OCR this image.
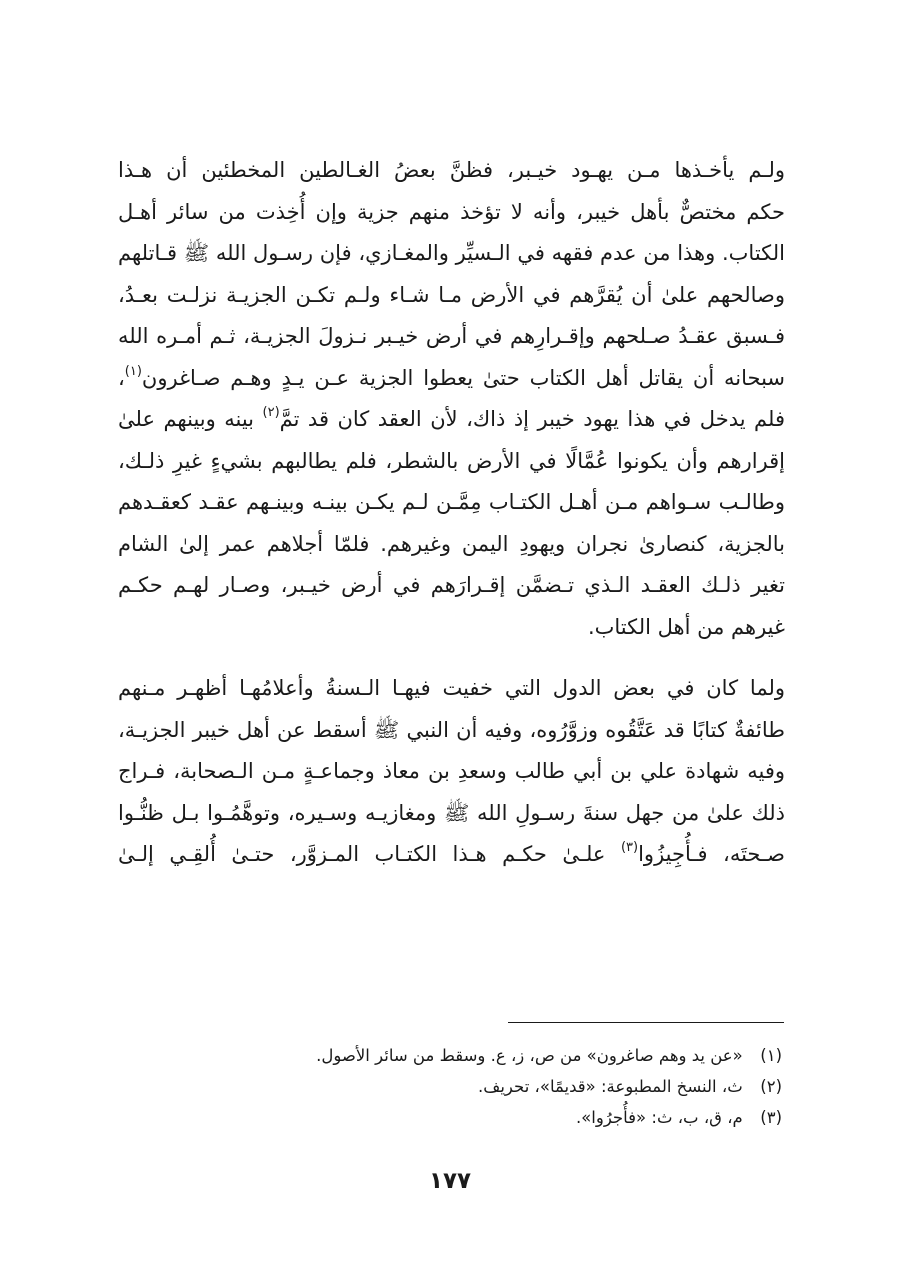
ولـم يأخـذها مـن يهـود خيـبر، فظنَّ بعضُ الغـالطين المخطئين أن هـذا
حكم مختصٌّ بأهل خيبر، وأنه لا تؤخذ منهم جزية وإن أُخِذت من سائر أهـل
الكتاب. وهذا من عدم فقهه في الـسيِّر والمغـازي، فإن رسـول الله ﷺ قـاتلهم
وصالحهم علىٰ أن يُقرَّهم في الأرض مـا شـاء ولـم تكـن الجزيـة نزلـت بعـدُ،
فـسبق عقـدُ صـلحهم وإقـرارِهم في أرض خيـبر نـزولَ الجزيـة، ثـم أمـره الله
سبحانه أن يقاتل أهل الكتاب حتىٰ يعطوا الجزية عـن يـدٍ وهـم صـاغرون$^{(١)}$،
فلم يدخل في هذا يهود خيبر إذ ذاك، لأن العقد كان قد تمَّ$^{(٢)}$ بينه وبينهم علىٰ
إقرارهم وأن يكونوا عُمَّالًا في الأرض بالشطر، فلم يطالبهم بشيءٍ غيرِ ذلـك،
وطالـب سـواهم مـن أهـل الكتـاب مِمَّـن لـم يكـن بينـه وبينـهم عقـد كعقـدهم
بالجزية، كنصارىٰ نجران ويهودِ اليمن وغيرهم. فلمّا أجلاهم عمر إلىٰ الشام
تغير ذلـك العقـد الـذي تـضمَّن إقـرارَهم في أرض خيـبر، وصـار لهـم حكـم
غيرهم من أهل الكتاب.

ولما كان في بعض الدول التي خفيت فيهـا الـسنةُ وأعلامُهـا أظهـر مـنهم
طائفةٌ كتابًا قد عَتَّقُوه وزوَّرُوه، وفيه أن النبي ﷺ أسقط عن أهل خيبر الجزيـة،
وفيه شهادة علي بن أبي طالب وسعدِ بن معاذ وجماعـةٍ مـن الـصحابة، فـراج
ذلك علىٰ من جهل سنةَ رسـولِ الله ﷺ ومغازيـه وسـيره، وتوهَّمُـوا بـل ظنُّـوا
صـحتَه، فـأُجِيزُوا$^{(٣)}$ علـىٰ حكـم هـذا الكتـاب المـزوَّر، حتـىٰ أُلقِـي إلـىٰ

(١) «عن يد وهم صاغرون» من ص، ز، ع. وسقط من سائر الأصول.
(٢) ث، النسخ المطبوعة: «قديمًا»، تحريف.
(٣) م، ق، ب، ث: «فأُجرُوا».
١٧٧
